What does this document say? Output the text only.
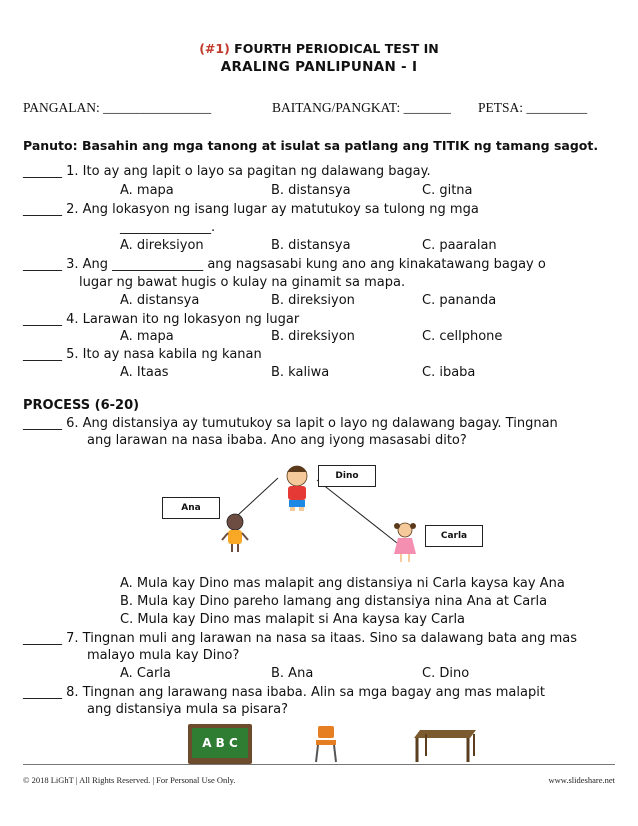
(#1) FOURTH PERIODICAL TEST IN
ARALING PANLIPUNAN - I
PANGALAN: ________________	BAITANG/PANGKAT: _______ PETSA: _________
Panuto: Basahin ang mga tanong at isulat sa patlang ang TITIK ng tamang sagot.
______ 1. Ito ay ang lapit o layo sa pagitan ng dalawang bagay.
A. mapa	B. distansya	C. gitna
______ 2. Ang lokasyon ng isang lugar ay matutukoy sa tulong ng mga
______________.
A. direksiyon	B. distansya	C. paaralan
______ 3. Ang ______________ ang nagsasabi kung ano ang kinakatawang bagay o
lugar ng bawat hugis o kulay na ginamit sa mapa.
A. distansya	B. direksiyon	C. pananda
______ 4. Larawan ito ng lokasyon ng lugar
A. mapa	B. direksiyon	C. cellphone
______ 5. Ito ay nasa kabila ng kanan
A. Itaas	B. kaliwa	C. ibaba
PROCESS (6-20)
______ 6. Ang distansiya ay tumutukoy sa lapit o layo ng dalawang bagay. Tingnan
ang larawan na nasa ibaba. Ano ang iyong masasabi dito?
Dino
Ana
Carla
A. Mula kay Dino mas malapit ang distansiya ni Carla kaysa kay Ana
B. Mula kay Dino pareho lamang ang distansiya nina Ana at Carla
C. Mula kay Dino mas malapit si Ana kaysa kay Carla
______ 7. Tingnan muli ang larawan na nasa sa itaas. Sino sa dalawang bata ang mas
malayo mula kay Dino?
A. Carla	B. Ana	C. Dino
______ 8. Tingnan ang larawang nasa ibaba. Alin sa mga bagay ang mas malapit
ang distansiya mula sa pisara?
A B C
© 2018 LiGhT | All Rights Reserved. | For Personal Use Only.	www.slideshare.net
